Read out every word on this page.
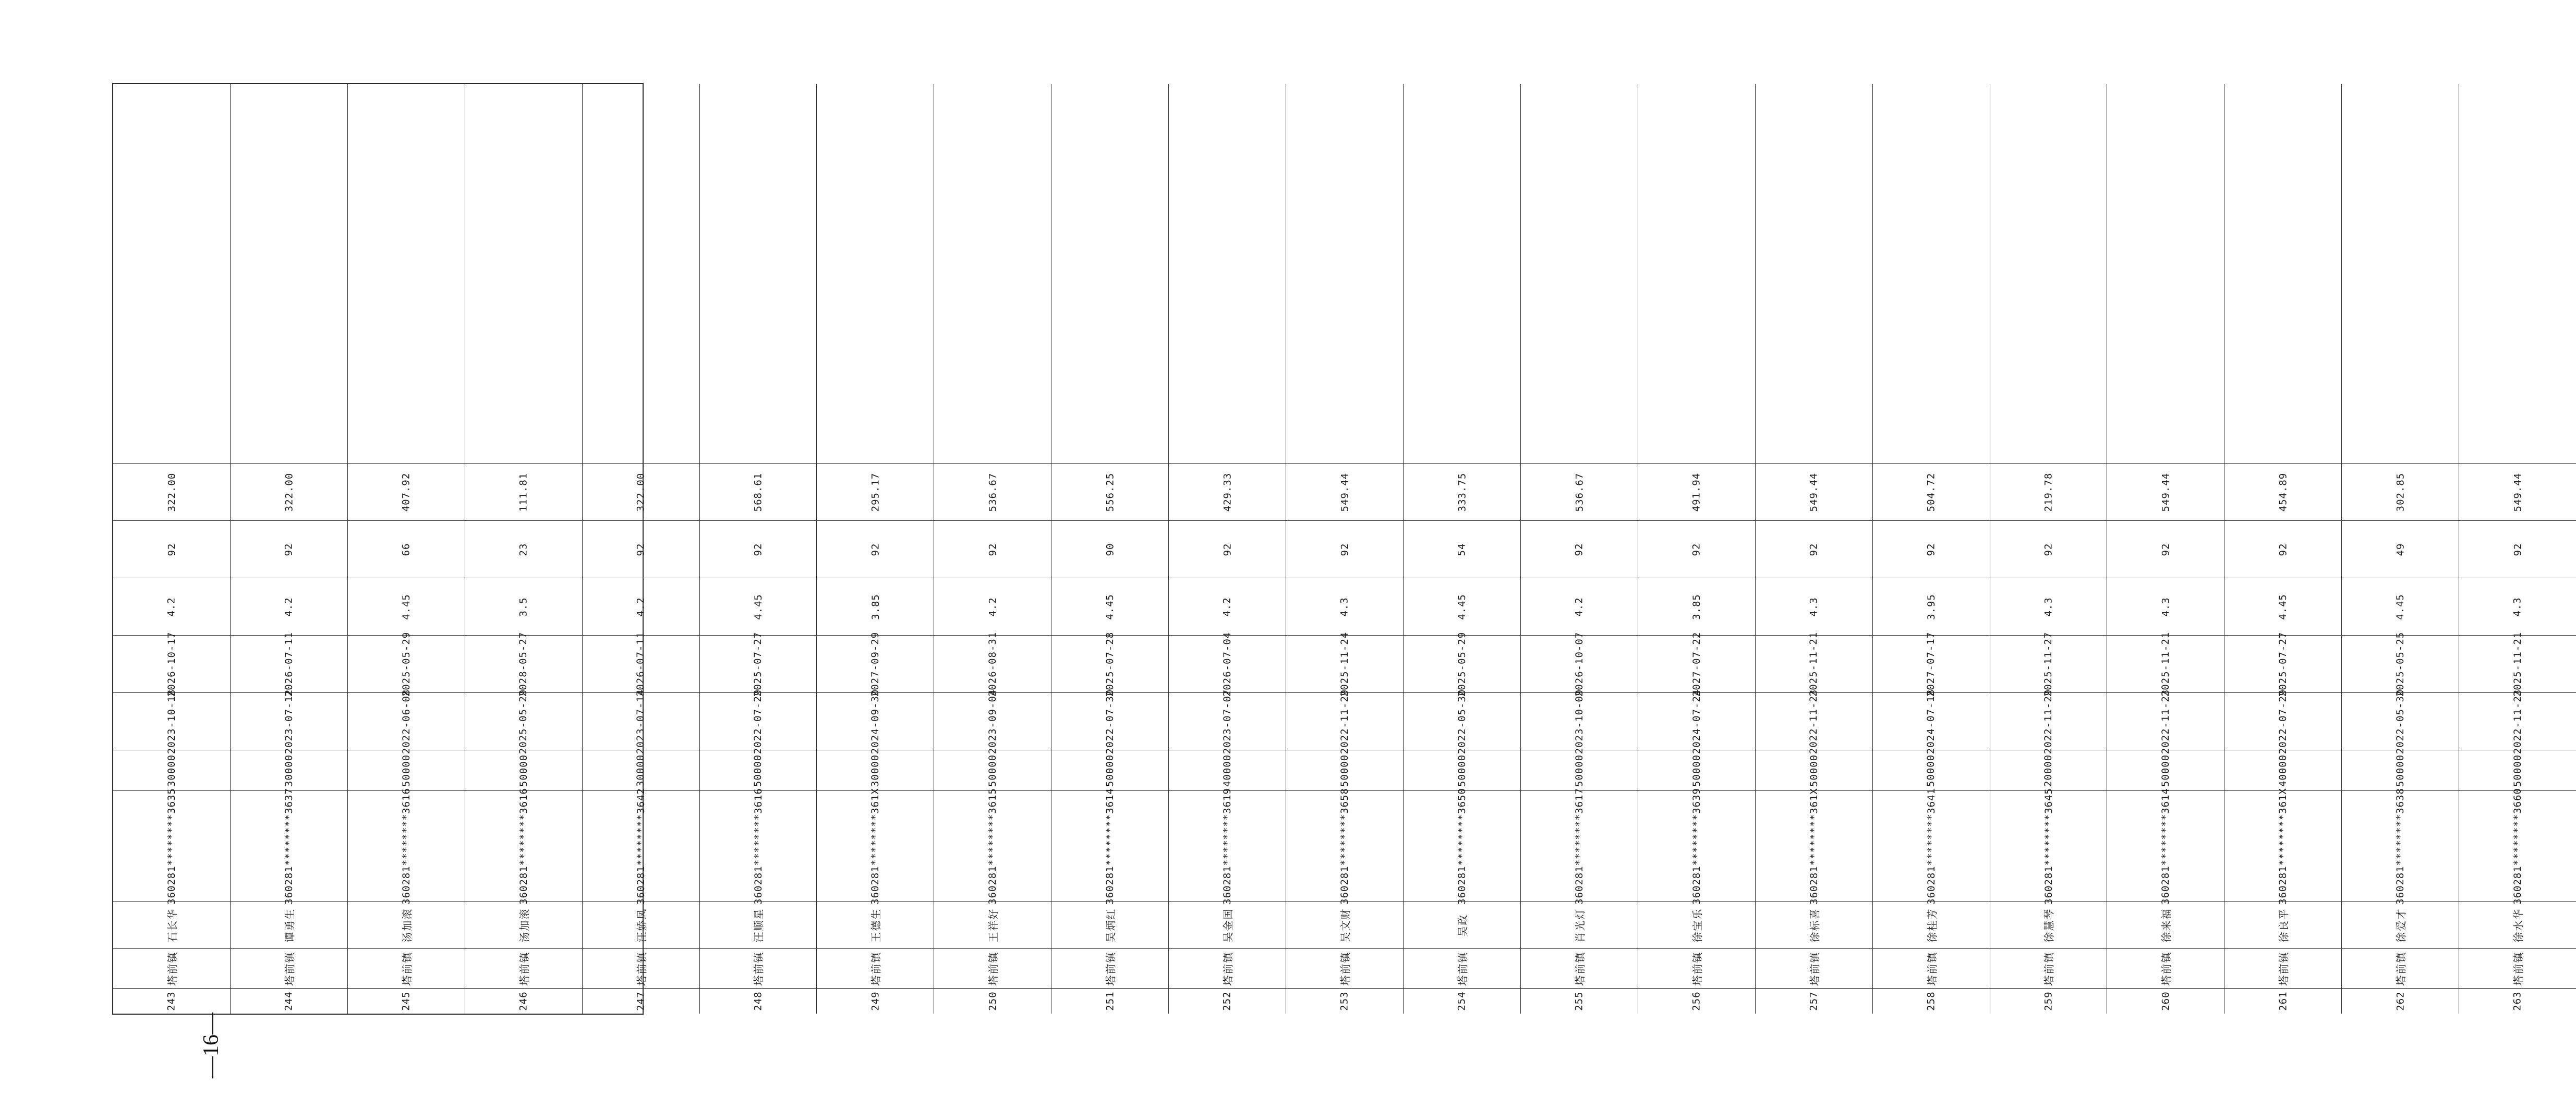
243
塔前镇
石长华
360281********3635
30000
2023-10-18
2026-10-17
4.2
92
322.00
244
塔前镇
谭勇生
360281********3637
30000
2023-07-12
2026-07-11
4.2
92
322.00
245
塔前镇
汤加滚
360281********3616
50000
2022-06-08
2025-05-29
4.45
66
407.92
246
塔前镇
汤加滚
360281********3616
50000
2025-05-29
2028-05-27
3.5
23
111.81
247
塔前镇
汪娇凤
360281********3642
30000
2023-07-14
2026-07-11
4.2
92
322.00
248
塔前镇
汪顺星
360281********3616
50000
2022-07-29
2025-07-27
4.45
92
568.61
249
塔前镇
王德生
360281********361X
30000
2024-09-30
2027-09-29
3.85
92
295.17
250
塔前镇
王祥好
360281********3615
50000
2023-09-04
2026-08-31
4.2
92
536.67
251
塔前镇
吴炳红
360281********3614
50000
2022-07-30
2025-07-28
4.45
90
556.25
252
塔前镇
吴金国
360281********3619
40000
2023-07-07
2026-07-04
4.2
92
429.33
253
塔前镇
吴文财
360281********3658
50000
2022-11-29
2025-11-24
4.3
92
549.44
254
塔前镇
吴政
360281********3650
50000
2022-05-30
2025-05-29
4.45
54
333.75
255
塔前镇
肖光灯
360281********3617
50000
2023-10-09
2026-10-07
4.2
92
536.67
256
塔前镇
徐宝乐
360281********3639
50000
2024-07-24
2027-07-22
3.85
92
491.94
257
塔前镇
徐标喜
360281********361X
50000
2022-11-23
2025-11-21
4.3
92
549.44
258
塔前镇
徐桂芳
360281********3641
50000
2024-07-18
2027-07-17
3.95
92
504.72
259
塔前镇
徐慧琴
360281********3645
20000
2022-11-29
2025-11-27
4.3
92
219.78
260
塔前镇
徐来福
360281********3614
50000
2022-11-23
2025-11-21
4.3
92
549.44
261
塔前镇
徐良平
360281********361X
40000
2022-07-29
2025-07-27
4.45
92
454.89
262
塔前镇
徐爱才
360281********3638
50000
2022-05-30
2025-05-25
4.45
49
302.85
263
塔前镇
徐水华
360281********3660
50000
2022-11-23
2025-11-21
4.3
92
549.44
—16—
